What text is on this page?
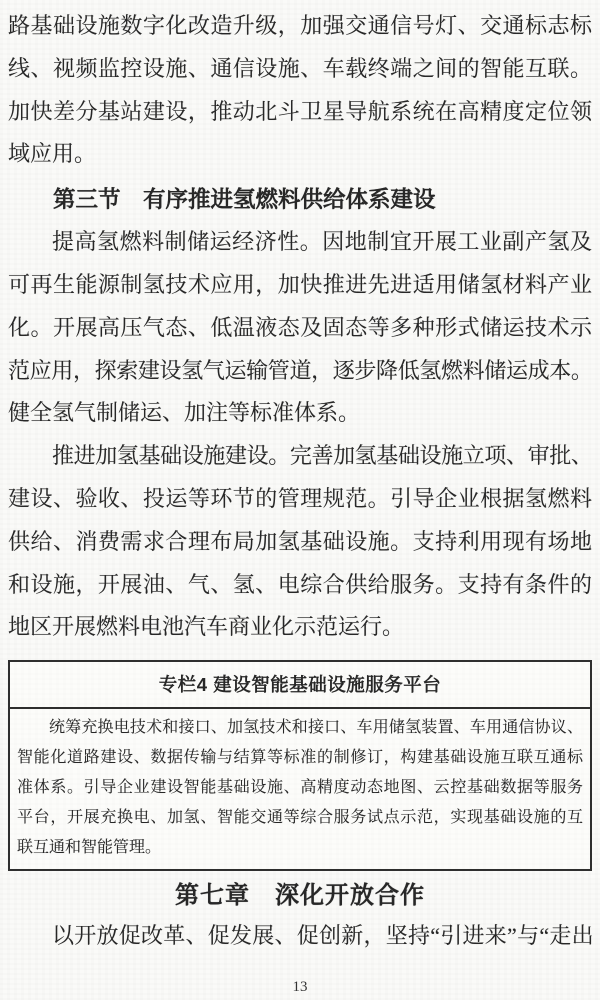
路基础设施数字化改造升级，加强交通信号灯、交通标志标
线、视频监控设施、通信设施、车载终端之间的智能互联。
加快差分基站建设，推动北斗卫星导航系统在高精度定位领
域应用。
第三节　有序推进氢燃料供给体系建设
提高氢燃料制储运经济性。因地制宜开展工业副产氢及
可再生能源制氢技术应用，加快推进先进适用储氢材料产业
化。开展高压气态、低温液态及固态等多种形式储运技术示
范应用，探索建设氢气运输管道，逐步降低氢燃料储运成本。
健全氢气制储运、加注等标准体系。
推进加氢基础设施建设。完善加氢基础设施立项、审批、
建设、验收、投运等环节的管理规范。引导企业根据氢燃料
供给、消费需求合理布局加氢基础设施。支持利用现有场地
和设施，开展油、气、氢、电综合供给服务。支持有条件的
地区开展燃料电池汽车商业化示范运行。
专栏4 建设智能基础设施服务平台
统筹充换电技术和接口、加氢技术和接口、车用储氢装置、车用通信协议、
智能化道路建设、数据传输与结算等标准的制修订，构建基础设施互联互通标
准体系。引导企业建设智能基础设施、高精度动态地图、云控基础数据等服务
平台，开展充换电、加氢、智能交通等综合服务试点示范，实现基础设施的互
联互通和智能管理。
第七章　深化开放合作
以开放促改革、促发展、促创新，坚持“引进来”与“走出
13
